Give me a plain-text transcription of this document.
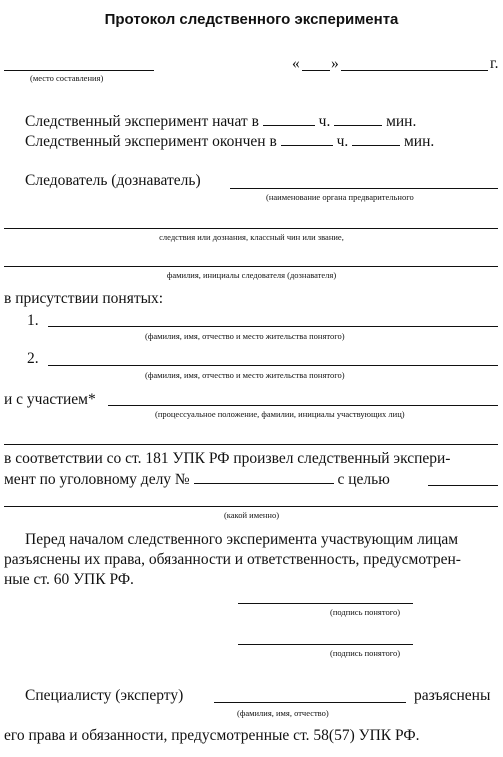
Протокол следственного эксперимента
(место составления)
« »	г.
Следственный эксперимент начат в	ч.	мин.
Следственный эксперимент окончен в	ч.	мин.
Следователь (дознаватель)
(наименование органа предварительного
следствия или дознания, классный чин или звание,
фамилия, инициалы следователя (дознавателя)
в присутствии понятых:
1.
(фамилия, имя, отчество и место жительства понятого)
2.
(фамилия, имя, отчество и место жительства понятого)
и с участием*
(процессуальное положение, фамилии, инициалы участвующих лиц)
в соответствии со ст. 181 УПК РФ произвел следственный экспери-
мент по уголовному делу №	с целью
(какой именно)
Перед началом следственного эксперимента участвующим лицам
разъяснены их права, обязанности и ответственность, предусмотрен-
ные ст. 60 УПК РФ.
(подпись понятого)
(подпись понятого)
Специалисту (эксперту)	разъяснены
(фамилия, имя, отчество)
его права и обязанности, предусмотренные ст. 58(57) УПК РФ.
